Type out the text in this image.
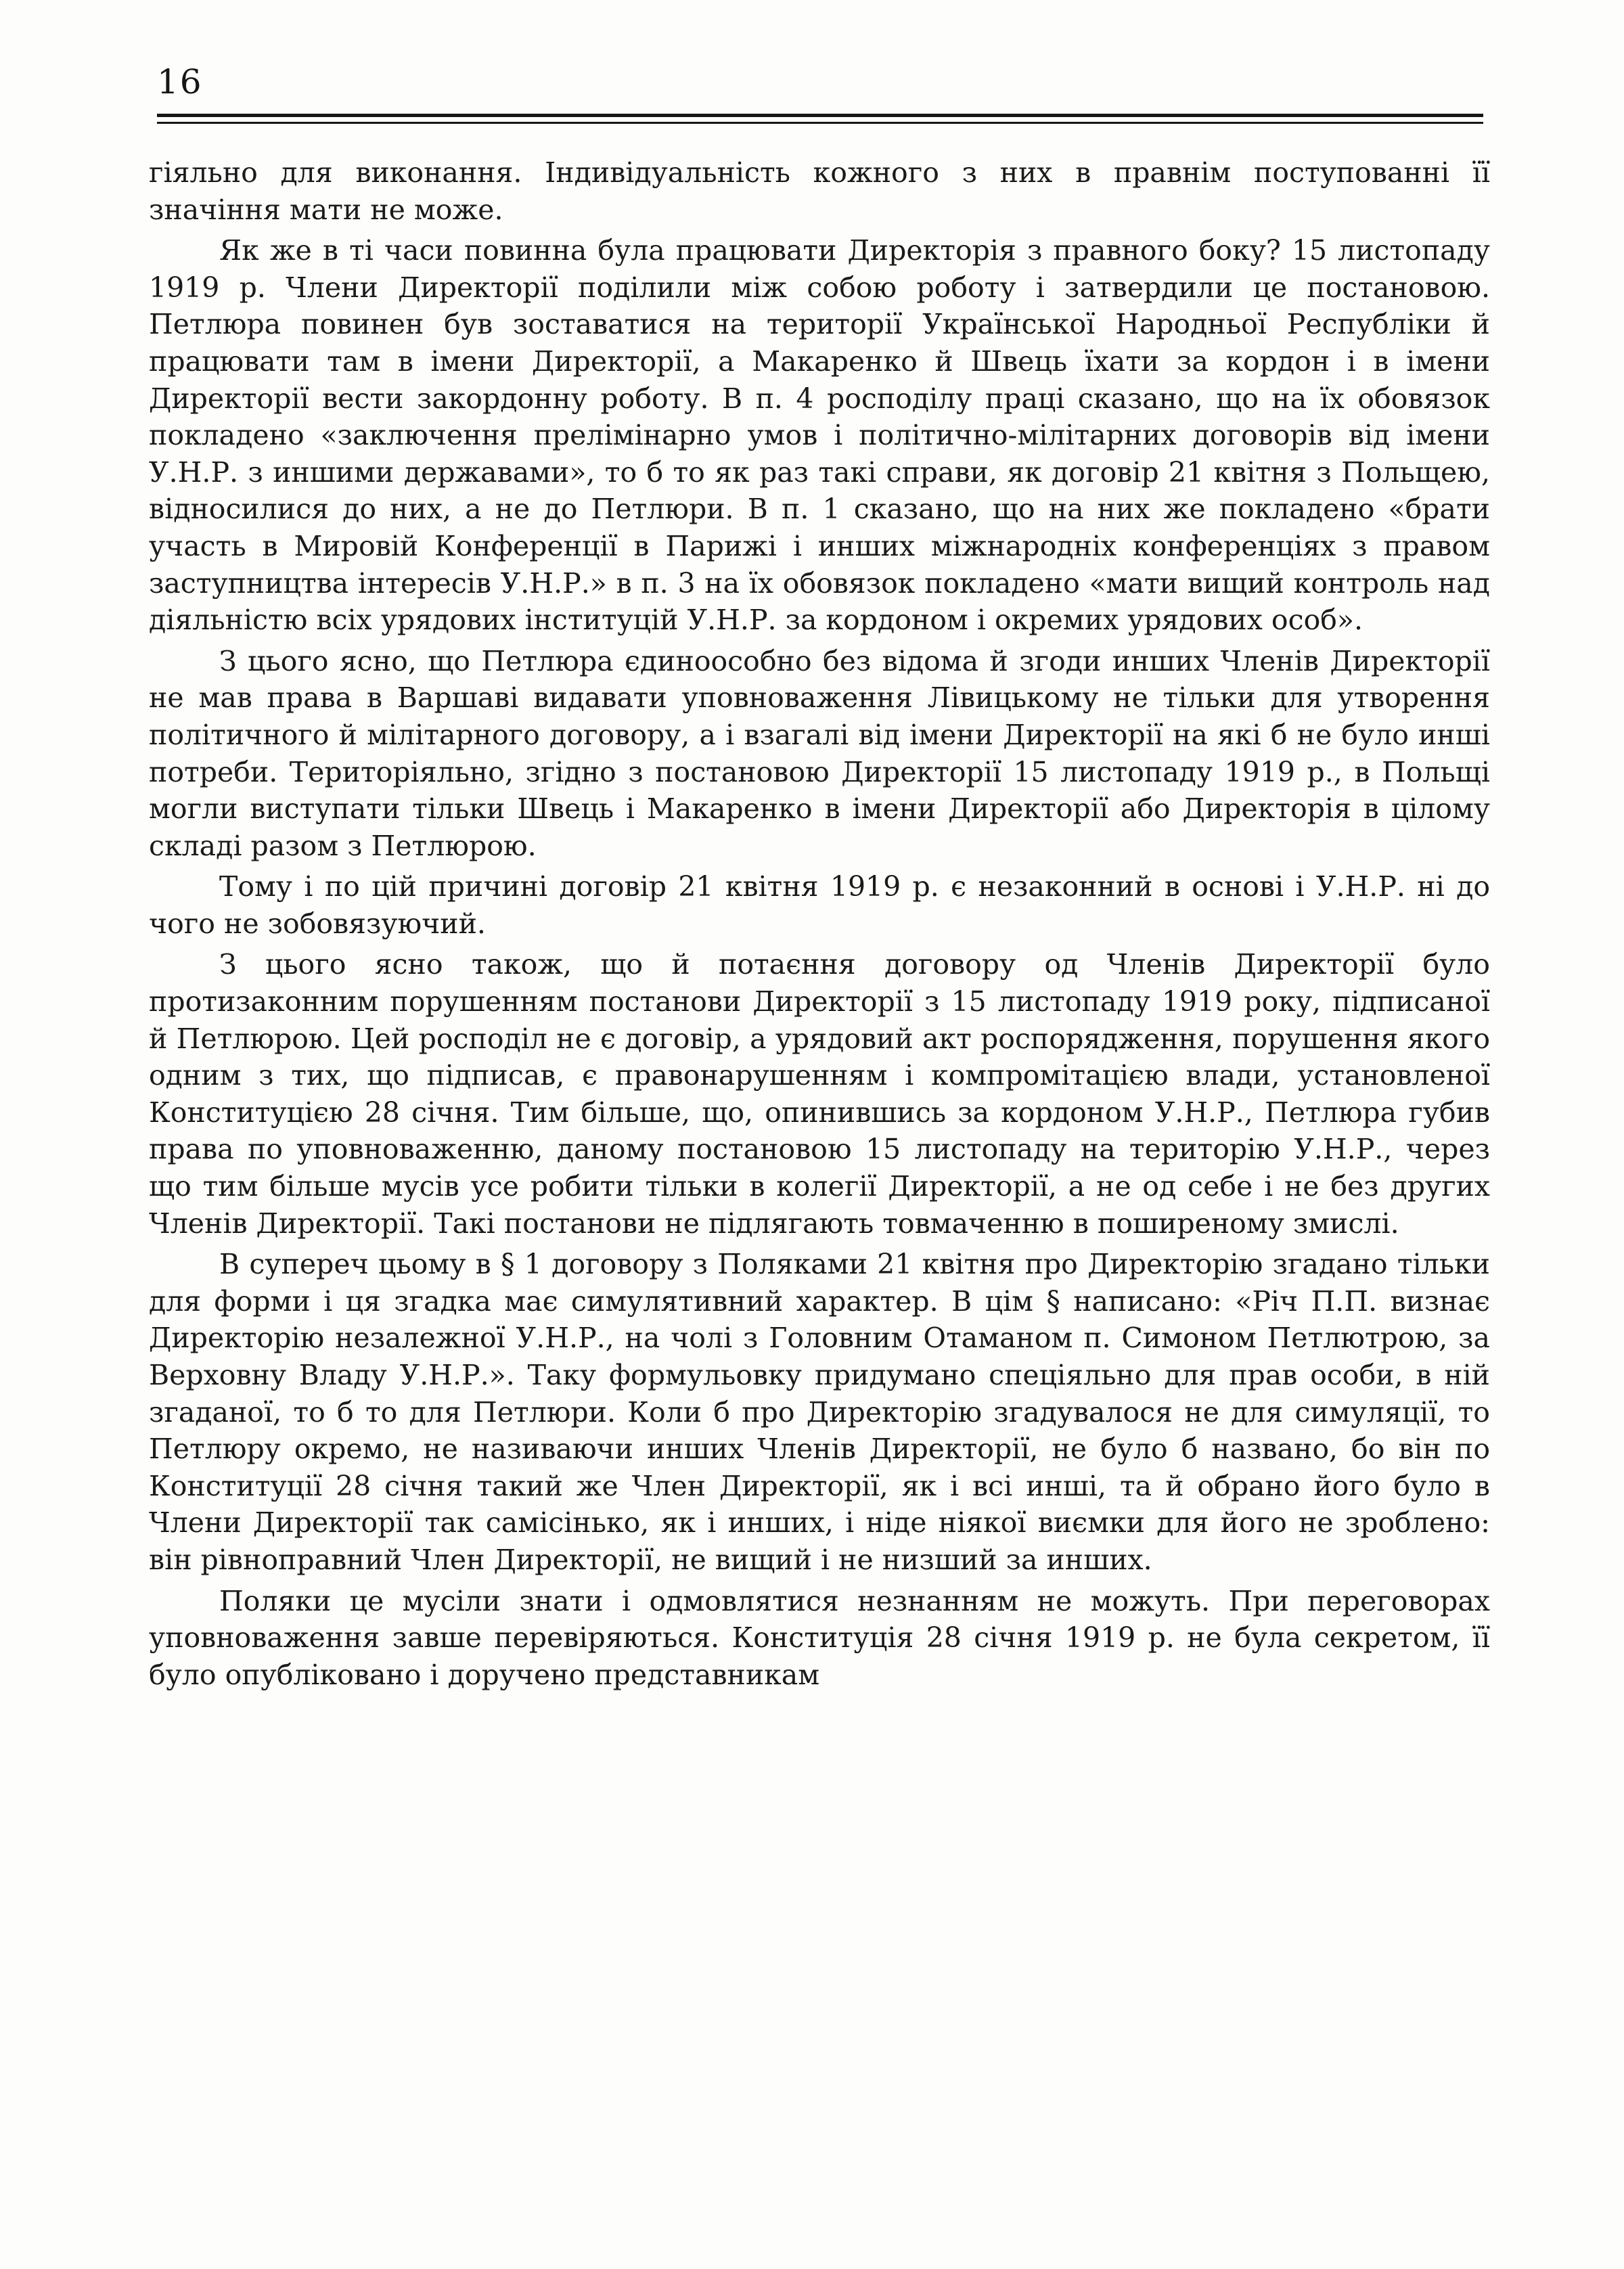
16

гіяльно для виконання. Індивідуальність кожного з них в правнім поступованні її значіння мати не може.

Як же в ті часи повинна була працювати Директорія з правного боку? 15 листопаду 1919 р. Члени Директорії поділили між собою роботу і затвердили це постановою. Петлюра повинен був зоставатися на території Української Народньої Республіки й працювати там в імени Директорії, а Макаренко й Швець їхати за кордон і в імени Директорії вести закордонну роботу. В п. 4 росподілу праці сказано, що на їх обовязок покладено «заключення прелімінарно умов і політично-мілітарних договорів від імени У.Н.Р. з иншими державами», то б то як раз такі справи, як договір 21 квітня з Польщею, відносилися до них, а не до Петлюри. В п. 1 сказано, що на них же покладено «брати участь в Мировій Конференції в Парижі і инших міжнародніх конференціях з правом заступництва інтересів У.Н.Р.» в п. 3 на їх обовязок покладено «мати вищий контроль над діяльністю всіх урядових інституцій У.Н.Р. за кордоном і окремих урядових особ».

З цього ясно, що Петлюра єдиноособно без відома й згоди инших Членів Директорії не мав права в Варшаві видавати уповноваження Лівицькому не тільки для утворення політичного й мілітарного договору, а і взагалі від імени Директорії на які б не було инші потреби. Територіяльно, згідно з постановою Директорії 15 листопаду 1919 р., в Польщі могли виступати тільки Швець і Макаренко в імени Директорії або Директорія в цілому складі разом з Петлюрою.

Тому і по цій причині договір 21 квітня 1919 р. є незаконний в основі і У.Н.Р. ні до чого не зобовязуючий.

З цього ясно також, що й потаєння договору од Членів Директорії було протизаконним порушенням постанови Директорії з 15 листопаду 1919 року, підписаної й Петлюрою. Цей росподіл не є договір, а урядовий акт роспорядження, порушення якого одним з тих, що підписав, є правонарушенням і компромітацією влади, установленої Конституцією 28 січня. Тим більше, що, опинившись за кордоном У.Н.Р., Петлюра губив права по уповноваженню, даному постановою 15 листопаду на територію У.Н.Р., через що тим більше мусів усе робити тільки в колегії Директорії, а не од себе і не без других Членів Директорії. Такі постанови не підлягають товмаченню в поширеному змислі.

В супереч цьому в § 1 договору з Поляками 21 квітня про Директорію згадано тільки для форми і ця згадка має симулятивний характер. В цім § написано: «Річ П.П. визнає Директорію незалежної У.Н.Р., на чолі з Головним Отаманом п. Симоном Петлютрою, за Верховну Владу У.Н.Р.». Таку формульовку придумано спеціяльно для прав особи, в ній згаданої, то б то для Петлюри. Коли б про Директорію згадувалося не для симуляції, то Петлюру окремо, не називаючи инших Членів Директорії, не було б названо, бо він по Конституції 28 січня такий же Член Директорії, як і всі инші, та й обрано його було в Члени Директорії так самісінько, як і инших, і ніде ніякої виємки для його не зроблено: він рівноправний Член Директорії, не вищий і не низший за инших.

Поляки це мусіли знати і одмовлятися незнанням не можуть. При переговорах уповноваження завше перевіряються. Конституція 28 січня 1919 р. не була секретом, її було опубліковано і доручено представникам
